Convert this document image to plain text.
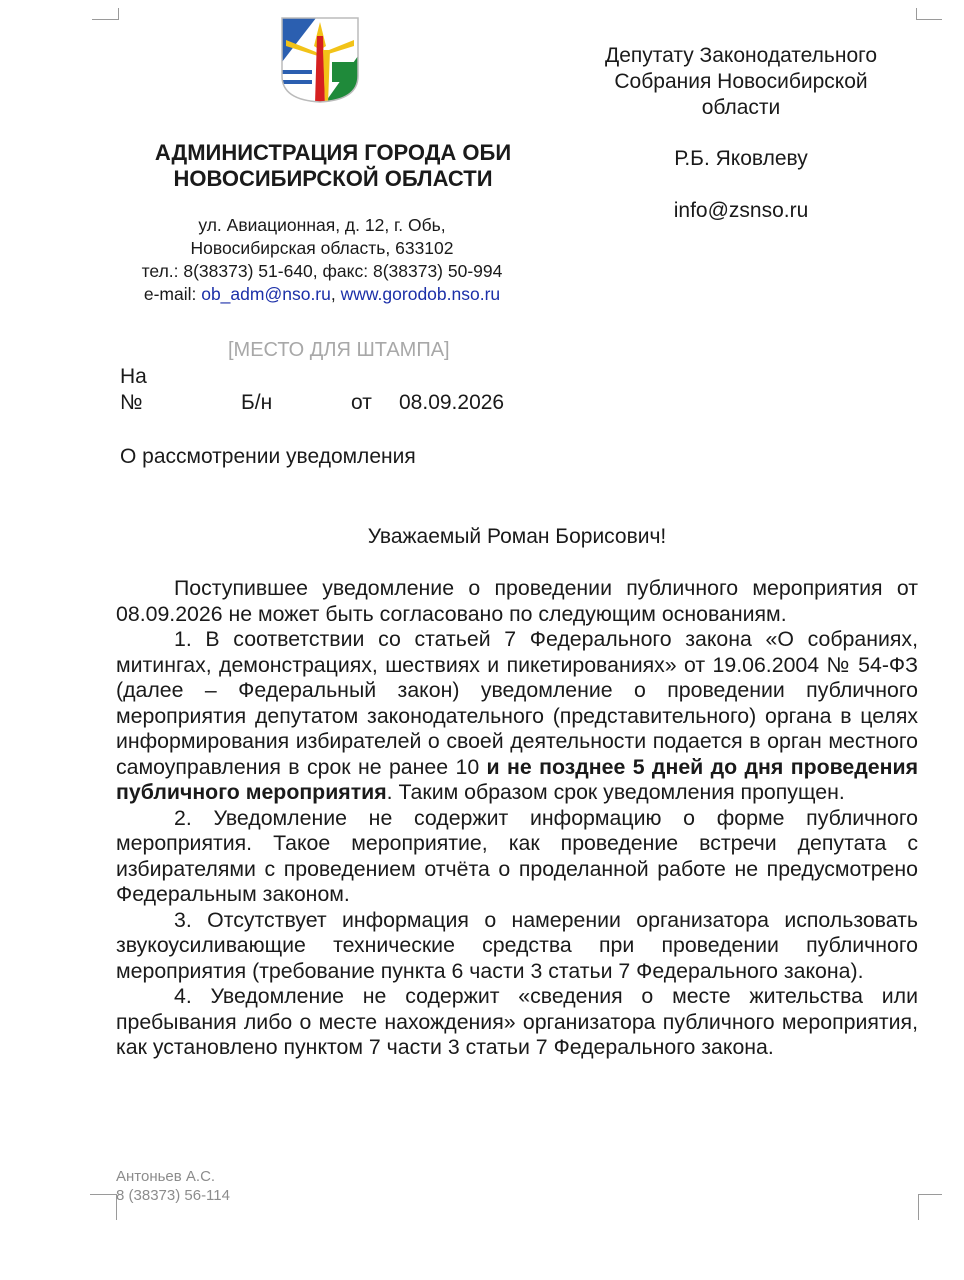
АДМИНИСТРАЦИЯ ГОРОДА ОБИ
НОВОСИБИРСКОЙ ОБЛАСТИ
ул. Авиационная, д. 12, г. Обь,
Новосибирская область, 633102
тел.: 8(38373) 51-640, факс: 8(38373) 50-994
e-mail: ob_adm@nso.ru, www.gorodob.nso.ru
Депутату Законодательного
Собрания Новосибирской
области
Р.Б. Яковлеву
info@zsnso.ru
[МЕСТО ДЛЯ ШТАМПА]
На
№	Б/н	от 08.09.2026
О рассмотрении уведомления
Уважаемый Роман Борисович!

Поступившее уведомление о проведении публичного мероприятия от 08.09.2026 не может быть согласовано по следующим основаниям.

1. В соответствии со статьей 7 Федерального закона «О собраниях, митингах, демонстрациях, шествиях и пикетированиях» от 19.06.2004 № 54-ФЗ (далее – Федеральный закон) уведомление о проведении публичного мероприятия депутатом законодательного (представительного) органа в целях информирования избирателей о своей деятельности подается в орган местного самоуправления в срок не ранее 10 и не позднее 5 дней до дня проведения публичного мероприятия. Таким образом срок уведомления пропущен.

2. Уведомление не содержит информацию о форме публичного мероприятия. Такое мероприятие, как проведение встречи депутата с избирателями с проведением отчёта о проделанной работе не предусмотрено Федеральным законом.

3. Отсутствует информация о намерении организатора использовать звукоусиливающие технические средства при проведении публичного мероприятия (требование пункта 6 части 3 статьи 7 Федерального закона).

4. Уведомление не содержит «сведения о месте жительства или пребывания либо о месте нахождения» организатора публичного мероприятия, как установлено пунктом 7 части 3 статьи 7 Федерального закона.

Антоньев А.С.
8 (38373) 56-114
